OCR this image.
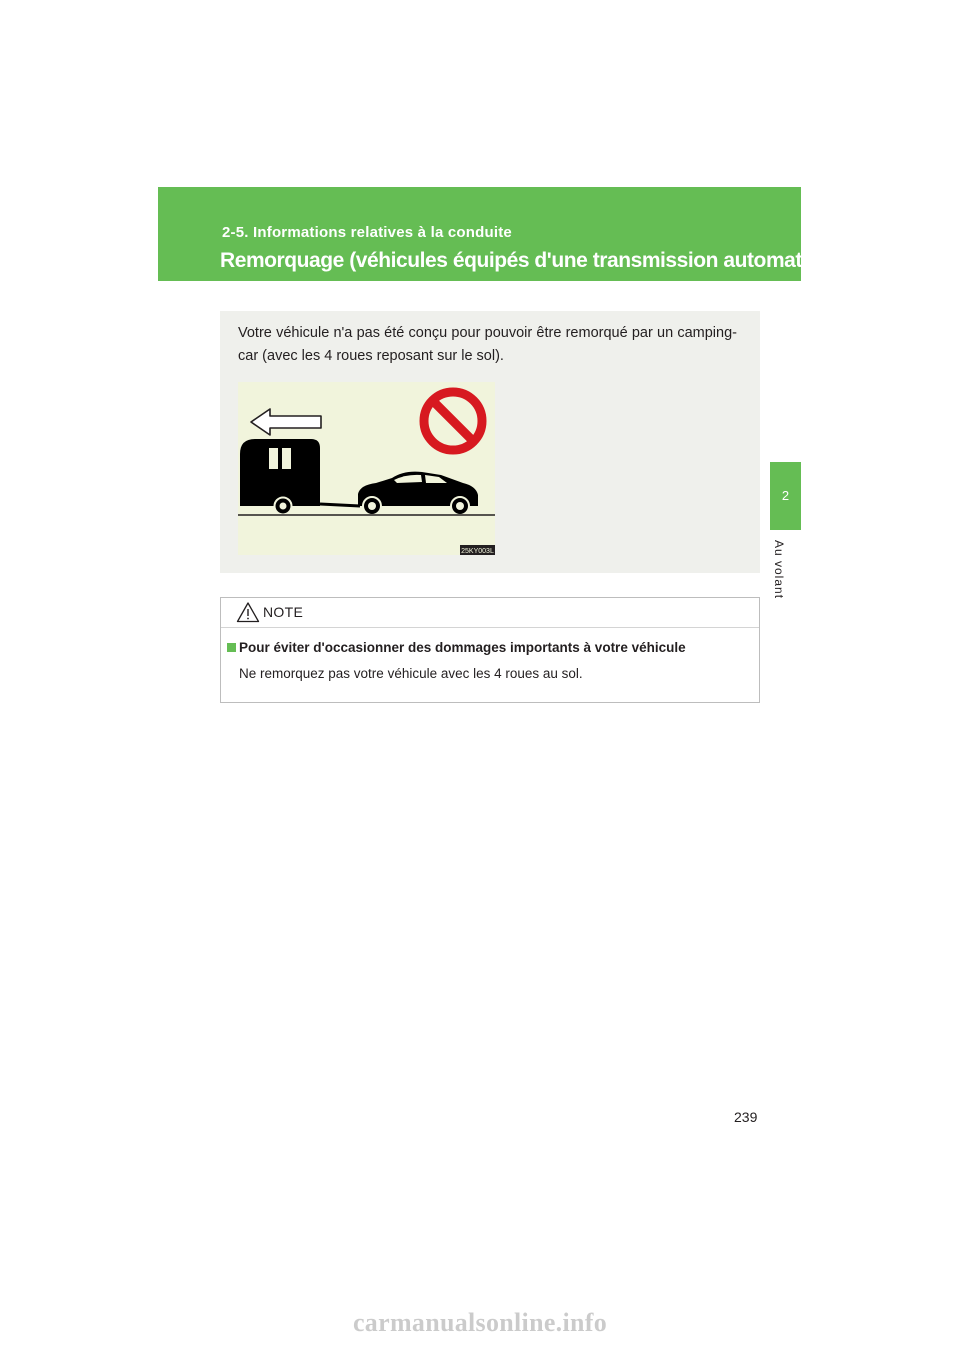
2-5. Informations relatives à la conduite
Remorquage (véhicules équipés d'une transmission automatique)
2
Au volant
Votre véhicule n'a pas été conçu pour pouvoir être remorqué par un camping-car (avec les 4 roues reposant sur le sol).
25KY003L
NOTE
Pour éviter d'occasionner des dommages importants à votre véhicule
Ne remorquez pas votre véhicule avec les 4 roues au sol.
239
carmanualsonline.info
